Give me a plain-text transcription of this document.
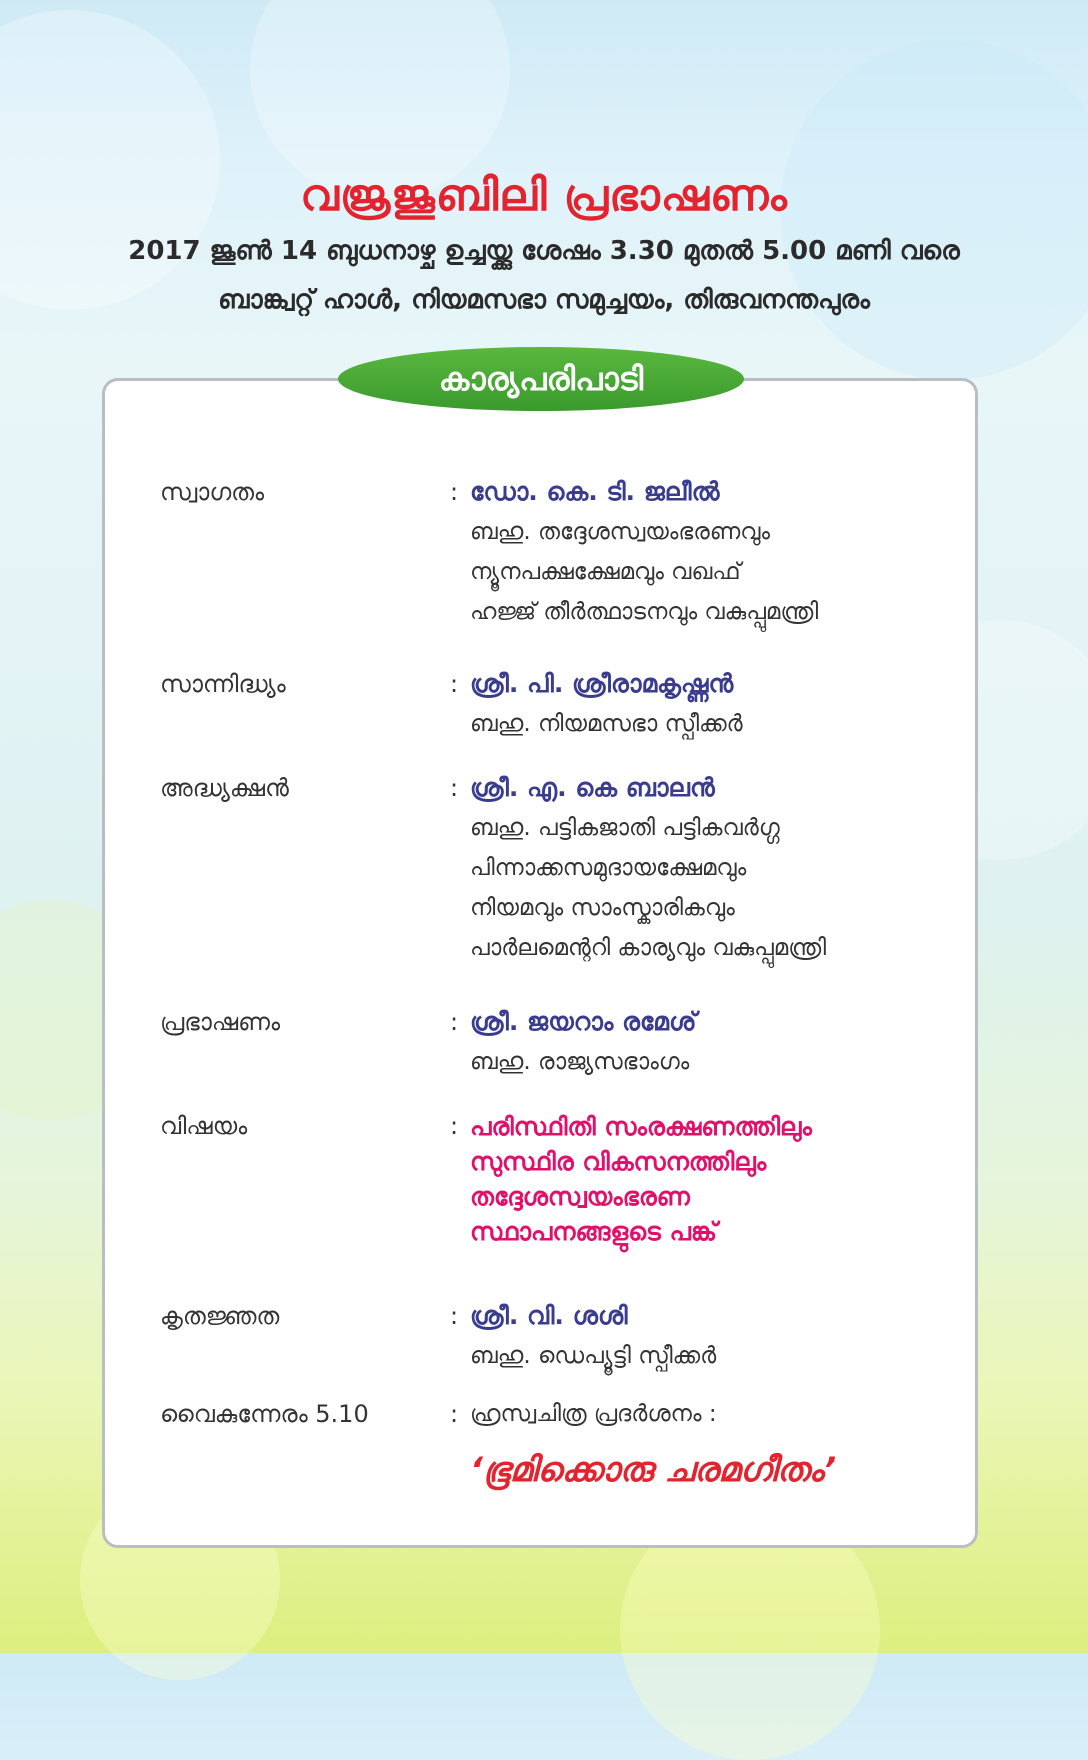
വജ്രജൂബിലി പ്രഭാഷണം
2017 ജൂൺ 14 ബുധനാഴ്ച ഉച്ചയ്ക്കു ശേഷം 3.30 മുതൽ 5.00 മണി വരെ
ബാങ്ക്വറ്റ് ഹാൾ, നിയമസഭാ സമുച്ചയം, തിരുവനന്തപുരം
കാര്യപരിപാടി
സ്വാഗതം	: ഡോ. കെ. ടി. ജലീൽ
ബഹു. തദ്ദേശസ്വയംഭരണവും
ന്യൂനപക്ഷക്ഷേമവും വഖഫ്
ഹജ്ജ് തീർത്ഥാടനവും വകുപ്പുമന്ത്രി
സാന്നിദ്ധ്യം	: ശ്രീ. പി. ശ്രീരാമകൃഷ്ണൻ
ബഹു. നിയമസഭാ സ്പീക്കർ
അദ്ധ്യക്ഷൻ	: ശ്രീ. എ. കെ ബാലൻ
ബഹു. പട്ടികജാതി പട്ടികവർഗ്ഗ
പിന്നാക്കസമുദായക്ഷേമവും
നിയമവും സാംസ്കാരികവും
പാർലമെന്ററി കാര്യവും വകുപ്പുമന്ത്രി
പ്രഭാഷണം	: ശ്രീ. ജയറാം രമേശ്
ബഹു. രാജ്യസഭാംഗം
വിഷയം	: പരിസ്ഥിതി സംരക്ഷണത്തിലും
സുസ്ഥിര വികസനത്തിലും
തദ്ദേശസ്വയംഭരണ
സ്ഥാപനങ്ങളുടെ പങ്ക്
കൃതജ്ഞത	: ശ്രീ. വി. ശശി
ബഹു. ഡെപ്യൂട്ടി സ്പീക്കർ
വൈകുന്നേരം 5.10	: ഹ്രസ്വചിത്ര പ്രദർശനം :
‘ഭൂമിക്കൊരു ചരമഗീതം’
